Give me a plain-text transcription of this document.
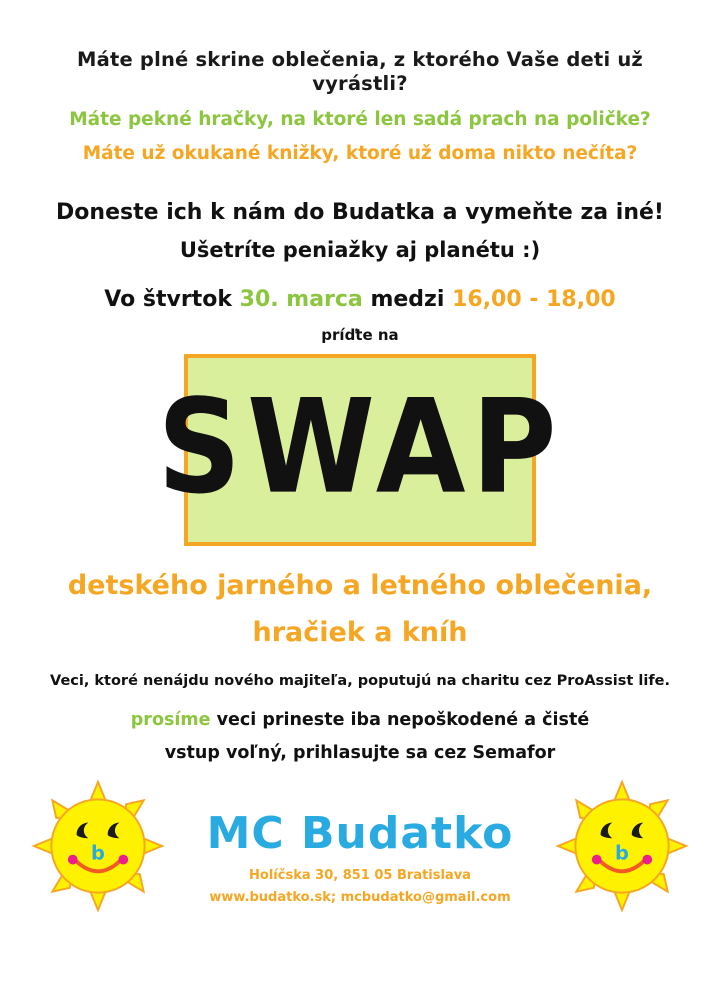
Máte plné skrine oblečenia, z ktorého Vaše deti už vyrástli?
Máte pekné hračky, na ktoré len sadá prach na poličke?
Máte už okukané knižky, ktoré už doma nikto nečíta?
Doneste ich k nám do Budatka a vymeňte za iné!
Ušetríte peniažky aj planétu :)
Vo štvrtok 30. marca medzi 16,00 - 18,00
príďte na
SWAP
detského jarného a letného oblečenia,
hračiek a kníh
Veci, ktoré nenájdu nového majiteľa, poputujú na charitu cez ProAssist life.
prosíme veci prineste iba nepoškodené a čisté
vstup voľný, prihlasujte sa cez Semafor
b	MC Budatko
Holíčska 30, 851 05 Bratislava
www.budatko.sk; mcbudatko@gmail.com
b
